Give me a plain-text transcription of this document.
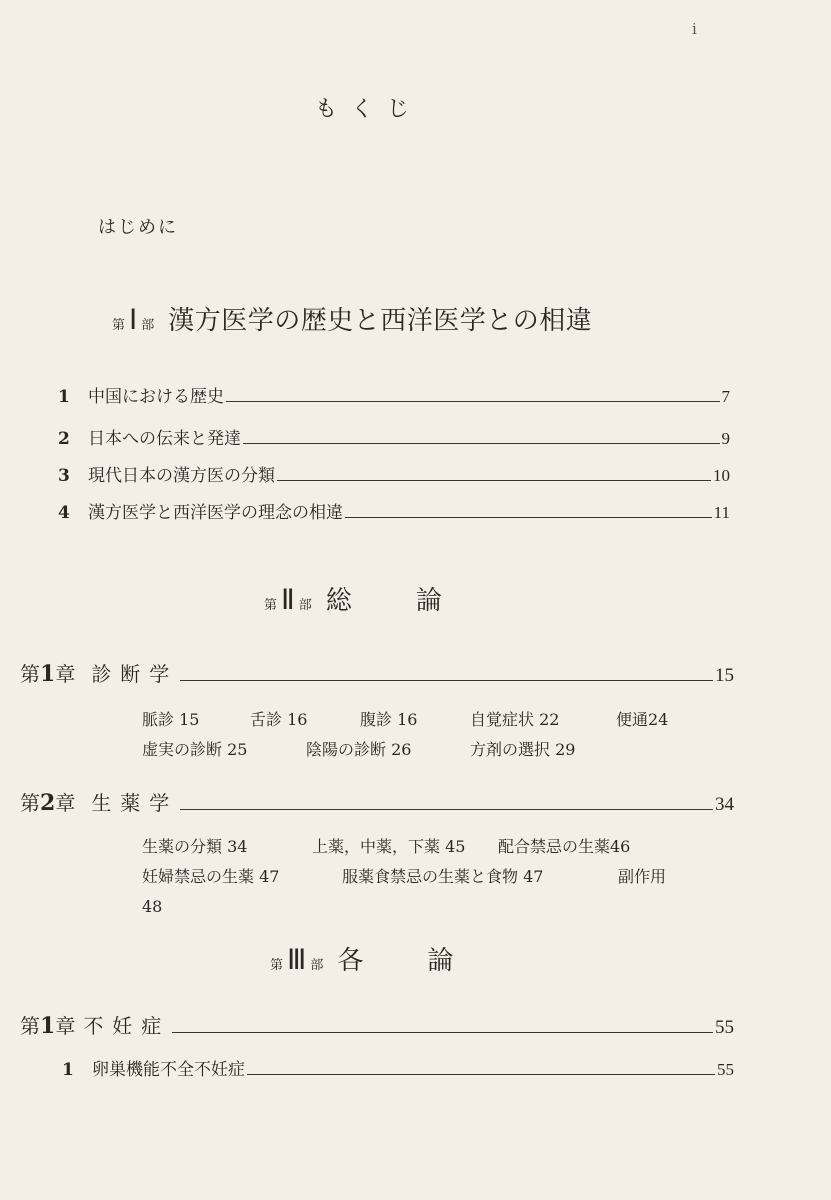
i
もくじ
はじめに
第 Ⅰ 部 漢方医学の歴史と西洋医学との相違
1	中国における歴史	7
2	日本への伝来と発達	9
3	現代日本の漢方医の分類	10
4	漢方医学と西洋医学の理念の相違	11
第 Ⅱ 部 総 論
第 1 章 診断学	15
脈診 15	舌診 16	腹診 16	自覚症状 22	便通24
虚実の診断 25	陰陽の診断 26	方剤の選択 29
第 2 章 生薬学	34
生薬の分類 34	上薬，中薬，下薬 45 配合禁忌の生薬46
妊婦禁忌の生薬 47	服薬食禁忌の生薬と食物 47	副作用
48
第 Ⅲ 部 各 論
第 1 章 不妊症	55
1	卵巣機能不全不妊症	55
